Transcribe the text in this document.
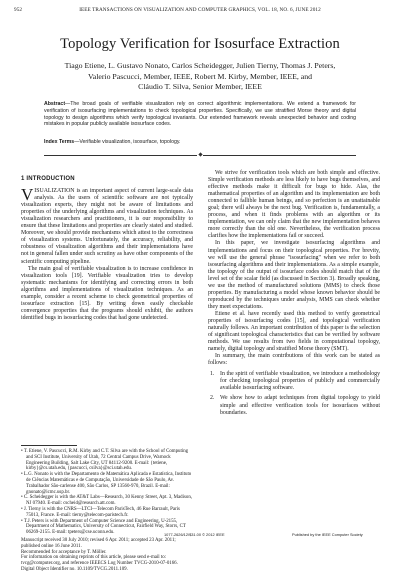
952	IEEE TRANSACTIONS ON VISUALIZATION AND COMPUTER GRAPHICS, VOL. 18, NO. 6, JUNE 2012
Topology Verification for Isosurface Extraction
Tiago Etiene, L. Gustavo Nonato, Carlos Scheidegger, Julien Tierny, Thomas J. Peters,
Valerio Pascucci, Member, IEEE, Robert M. Kirby, Member, IEEE, and
Cláudio T. Silva, Senior Member, IEEE
Abstract—The broad goals of verifiable visualization rely on correct algorithmic implementations. We extend a framework for verification of isosurfacing implementations to check topological properties. Specifically, we use stratified Morse theory and digital topology to design algorithms which verify topological invariants. Our extended framework reveals unexpected behavior and coding mistakes in popular publicly available isosurface codes.
Index Terms—Verifiable visualization, isosurface, topology.
1 INTRODUCTION

VISUALIZATION is an important aspect of current large-scale data analysis. As the users of scientific software are not typically visualization experts, they might not be aware of limitations and properties of the underlying algorithms and visualization techniques. As visualization researchers and practitioners, it is our responsibility to ensure that these limitations and properties are clearly stated and studied. Moreover, we should provide mechanisms which attest to the correctness of visualization systems. Unfortunately, the accuracy, reliability, and robustness of visualization algorithms and their implementations have not in general fallen under such scrutiny as have other components of the scientific computing pipeline.

The main goal of verifiable visualization is to increase confidence in visualization tools [19]. Verifiable visualization tries to develop systematic mechanisms for identifying and correcting errors in both algorithms and implementations of visualization techniques. As an example, consider a recent scheme to check geometrical properties of isosurface extraction [15]. By writing down easily checkable convergence properties that the programs should exhibit, the authors identified bugs in isosurfacing codes that had gone undetected.

• T. Etiene, V. Pascucci, R.M. Kirby and C.T. Silva are with the School of Computing and SCI Institute, University of Utah, 72 Central Campus Drive, Warnock Engineering Building, Salt Lake City, UT 84112-9200. E-mail: {tetiene, kirby}@cs.utah.edu, {pascucci, csilva}@sci.utah.edu.
• L.G. Nonato is with the Departamento de Matemática Aplicada e Estatística, Instituto de Ciências Matemáticas e de Computação, Universidade de São Paulo, Av. Trabalhador São-carlense 400, São Carlos, SP 13560-970, Brazil. E-mail: gnonato@icmc.usp.br.
• C. Scheidegger is with the AT&T Labs—Research, 30 Kenny Street, Apt. 3, Madison, NJ 07940. E-mail: cscheid@research.att.com.
• J. Tierny is with the CNRS—LTCI—Telecom ParisTech, 46 Rue Barrault, Paris 75013, France. E-mail: tierny@telecom-paristech.fr.
• T.J. Peters is with Department of Computer Science and Engineering, U-2155, Department of Mathematics, University of Connecticut, Fairfield Way, Storrs, CT 06269-2155. E-mail: tpeters@cse.uconn.edu.
Manuscript received 30 July 2010; revised 6 Apr. 2011; accepted 23 Apr. 2011; published online 16 June 2011.
Recommended for acceptance by T. Möller.
For information on obtaining reprints of this article, please send e-mail to: tvcg@computer.org, and reference IEEECS Log Number TVCG-2010-07-0166.
Digital Object Identifier no. 10.1109/TVCG.2011.109.

We strive for verification tools which are both simple and effective. Simple verification methods are less likely to have bugs themselves, and effective methods make it difficult for bugs to hide. Alas, the mathematical properties of an algorithm and its implementation are both connected to fallible human beings, and so perfection is an unattainable goal; there will always be the next bug. Verification is, fundamentally, a process, and when it finds problems with an algorithm or its implementation, we can only claim that the new implementation behaves more correctly than the old one. Nevertheless, the verification process clarifies how the implementations fail or succeed.

In this paper, we investigate isosurfacing algorithms and implementations and focus on their topological properties. For brevity, we will use the general phrase "isosurfacing" when we refer to both isosurfacing algorithms and their implementations. As a simple example, the topology of the output of isosurface codes should match that of the level set of the scalar field (as discussed in Section 3). Broadly speaking, we use the method of manufactured solutions (MMS) to check those properties. By manufacturing a model whose known behavior should be reproduced by the techniques under analysis, MMS can check whether they meet expectations.

Etiene et al. have recently used this method to verify geometrical properties of isosurfacing codes [15], and topological verification naturally follows. An important contribution of this paper is the selection of significant topological characteristics that can be verified by software methods. We use results from two fields in computational topology, namely, digital topology and stratified Morse theory (SMT).

In summary, the main contributions of this work can be stated as follows:

1. In the spirit of verifiable visualization, we introduce a methodology for checking topological properties of publicly and commercially available isosurfacing software.
2. We show how to adapt techniques from digital topology to yield simple and effective verification tools for isosurfaces without boundaries.
1077-2626/12/$31.00 © 2012 IEEE	Published by the IEEE Computer Society
